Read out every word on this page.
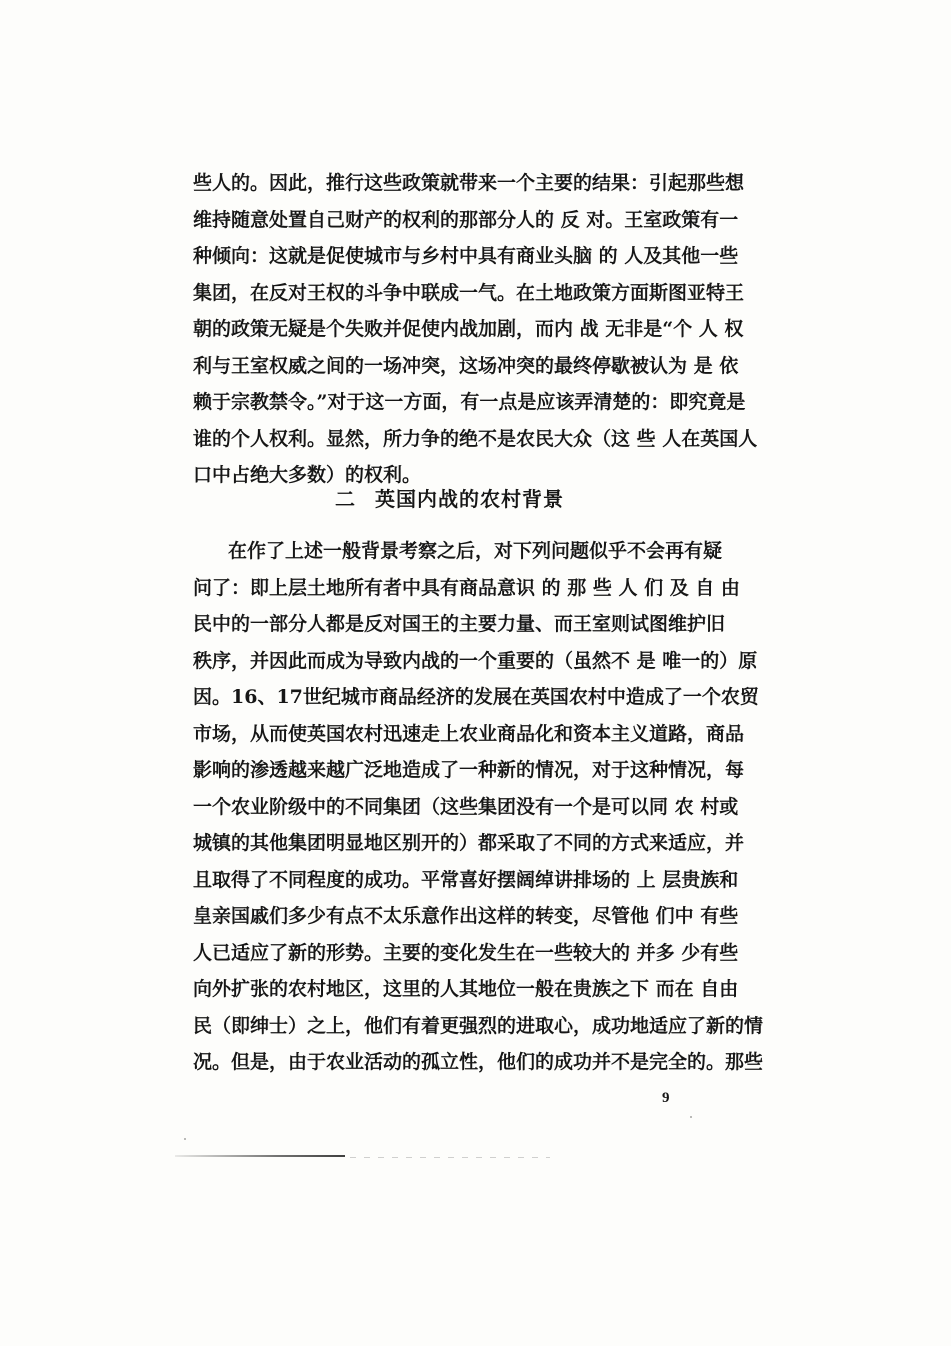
些人的。因此，推行这些政策就带来一个主要的结果：引起那些想
维持随意处置自己财产的权利的那部分人的 反 对。王室政策有一
种倾向：这就是促使城市与乡村中具有商业头脑 的 人及其他一些
集团，在反对王权的斗争中联成一气。在土地政策方面斯图亚特王
朝的政策无疑是个失败并促使内战加剧，而内 战 无非是“个 人 权
利与王室权威之间的一场冲突，这场冲突的最终停歇被认为 是 依
赖于宗教禁令。”对于这一方面，有一点是应该弄清楚的：即究竟是
谁的个人权利。显然，所力争的绝不是农民大众（这 些 人在英国人
口中占绝大多数）的权利。
二 英国内战的农村背景
在作了上述一般背景考察之后，对下列问题似乎不会再有疑
问了：即上层土地所有者中具有商品意识 的 那 些 人 们 及 自 由
民中的一部分人都是反对国王的主要力量、而王室则试图维护旧
秩序，并因此而成为导致内战的一个重要的（虽然不 是 唯一的）原
因。16、17世纪城市商品经济的发展在英国农村中造成了一个农贸
市场，从而使英国农村迅速走上农业商品化和资本主义道路，商品
影响的渗透越来越广泛地造成了一种新的情况，对于这种情况，每
一个农业阶级中的不同集团（这些集团没有一个是可以同 农 村或
城镇的其他集团明显地区别开的）都采取了不同的方式来适应，并
且取得了不同程度的成功。平常喜好摆阔绰讲排场的 上 层贵族和
皇亲国戚们多少有点不太乐意作出这样的转变，尽管他 们中 有些
人已适应了新的形势。主要的变化发生在一些较大的 并多 少有些
向外扩张的农村地区，这里的人其地位一般在贵族之下 而在 自由
民（即绅士）之上，他们有着更强烈的进取心，成功地适应了新的情
况。但是，由于农业活动的孤立性，他们的成功并不是完全的。那些
9
